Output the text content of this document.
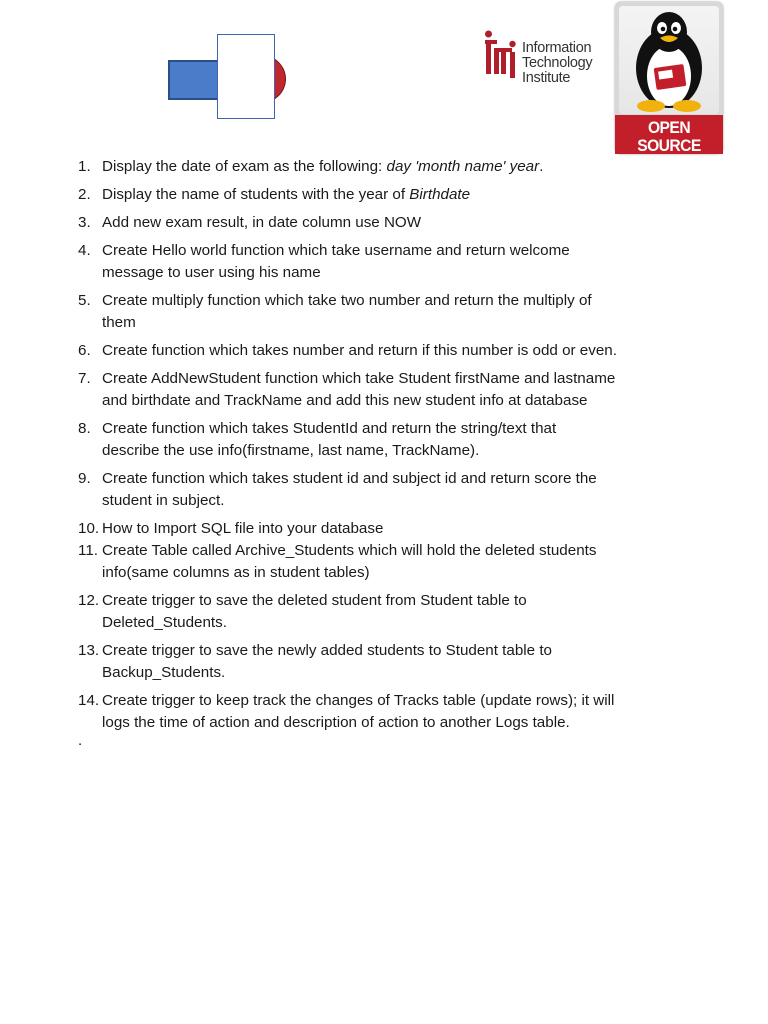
Information
Technology
Institute
OPEN SOURCE
DEPARTMENT
1. Display the date of exam as the following: day 'month name' year.
2. Display the name of students with the year of Birthdate
3. Add new exam result, in date column use NOW
4. Create Hello world function which take username and return welcome
message to user using his name
5. Create multiply function which take two number and return the multiply of
them
6. Create function which takes number and return if this number is odd or even.
7. Create AddNewStudent function which take Student firstName and lastname
and birthdate and TrackName and add this new student info at database
8. Create function which takes StudentId and return the string/text that
describe the use info(firstname, last name, TrackName).
9. Create function which takes student id and subject id and return score the
student in subject.
10. How to Import SQL file into your database
11. Create Table called Archive_Students which will hold the deleted students
info(same columns as in student tables)
12. Create trigger to save the deleted student from Student table to
Deleted_Students.
13. Create trigger to save the newly added students to Student table to
Backup_Students.
14. Create trigger to keep track the changes of Tracks table (update rows); it will
logs the time of action and description of action to another Logs table.
.
